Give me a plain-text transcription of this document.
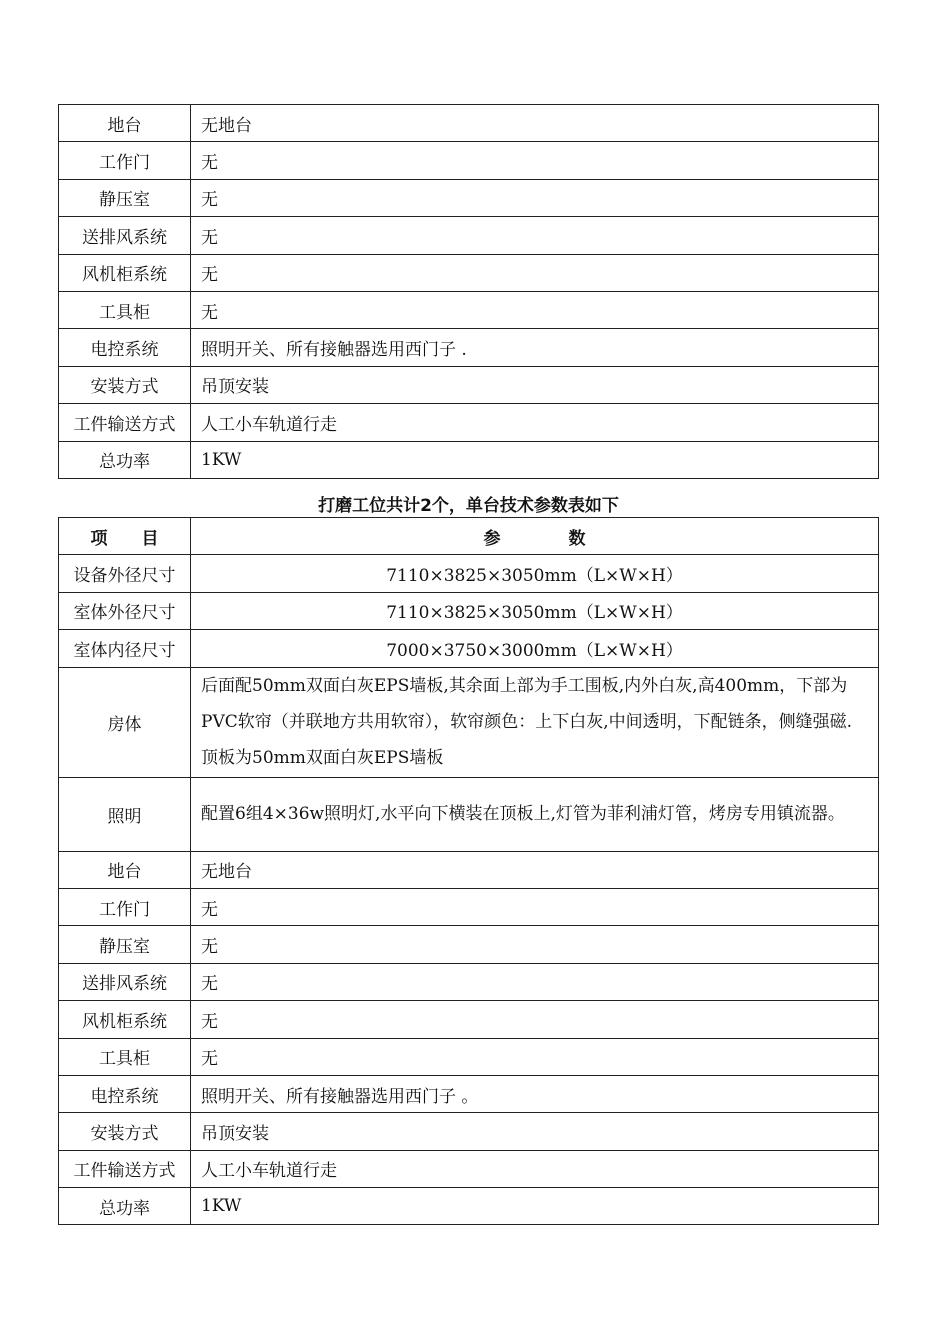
地台	无地台
工作门	无
静压室	无
送排风系统	无
风机柜系统	无
工具柜	无
电控系统	照明开关、所有接触器选用西门子 .
安装方式	吊顶安装
工件输送方式	人工小车轨道行走
总功率	1KW
打磨工位共计2个，单台技术参数表如下
项　　目	参　　　　数
设备外径尺寸	7110×3825×3050mm（L×W×H）
室体外径尺寸	7110×3825×3050mm（L×W×H）
室体内径尺寸	7000×3750×3000mm（L×W×H）
房体	后面配50mm双面白灰EPS墙板,其余面上部为手工围板,内外白灰,高400mm，下部为PVC软帘（并联地方共用软帘），软帘颜色：上下白灰,中间透明，下配链条，侧缝强磁.顶板为50mm双面白灰EPS墙板
照明	配置6组4×36w照明灯,水平向下横装在顶板上,灯管为菲利浦灯管，烤房专用镇流器。
地台	无地台
工作门	无
静压室	无
送排风系统	无
风机柜系统	无
工具柜	无
电控系统	照明开关、所有接触器选用西门子 。
安装方式	吊顶安装
工件输送方式	人工小车轨道行走
总功率	1KW
